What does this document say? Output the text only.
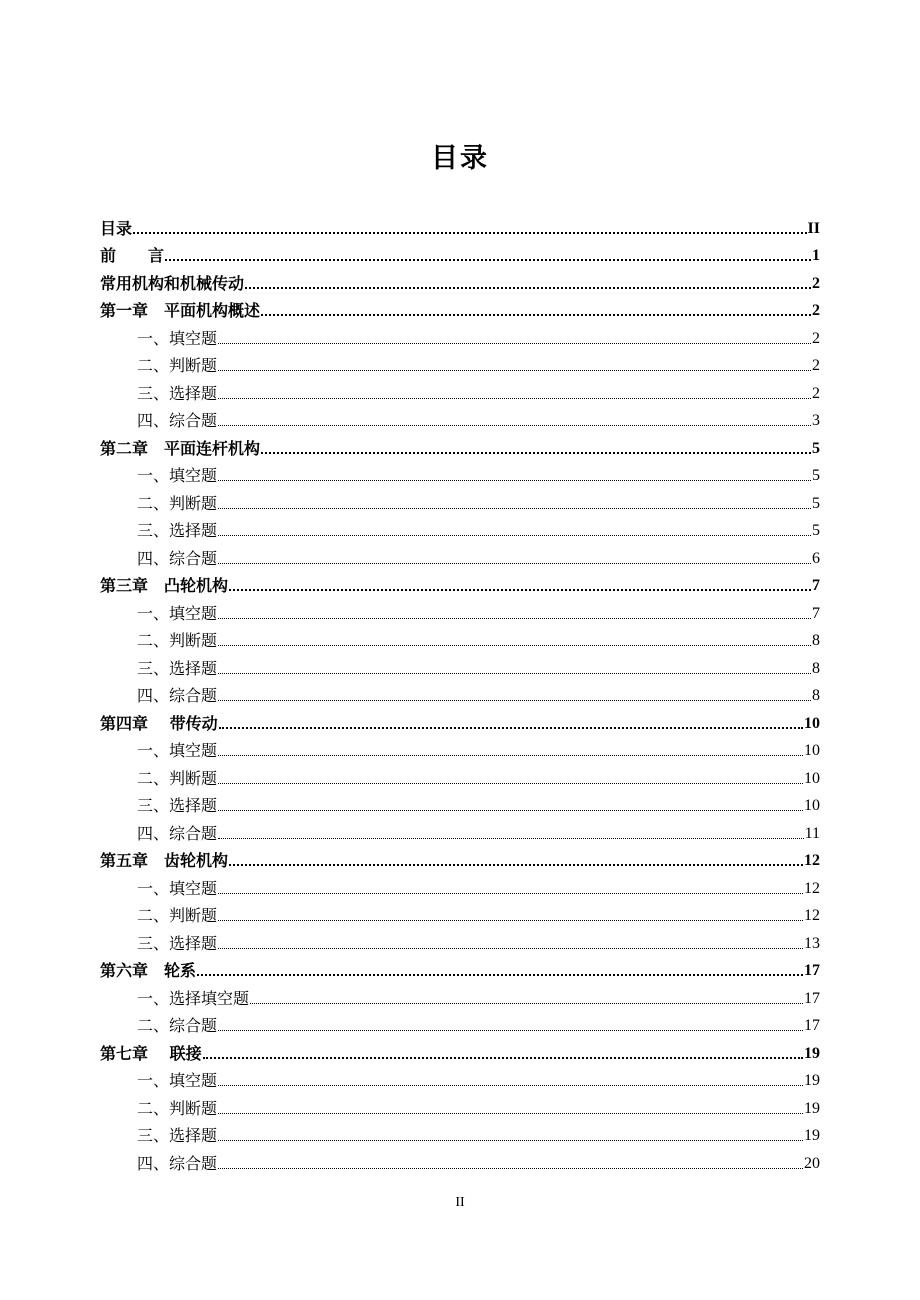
目录
目录	II
前　　言	1
常用机构和机械传动	2
第一章　平面机构概述	2
一、填空题	2
二、判断题	2
三、选择题	2
四、综合题	3
第二章　平面连杆机构	5
一、填空题	5
二、判断题	5
三、选择题	5
四、综合题	6
第三章　凸轮机构	7
一、填空题	7
二、判断题	8
三、选择题	8
四、综合题	8
第四章　 带传动	10
一、填空题	10
二、判断题	10
三、选择题	10
四、综合题	11
第五章　齿轮机构	12
一、填空题	12
二、判断题	12
三、选择题	13
第六章　轮系	17
一、选择填空题	17
二、综合题	17
第七章　 联接	19
一、填空题	19
二、判断题	19
三、选择题	19
四、综合题	20
II
